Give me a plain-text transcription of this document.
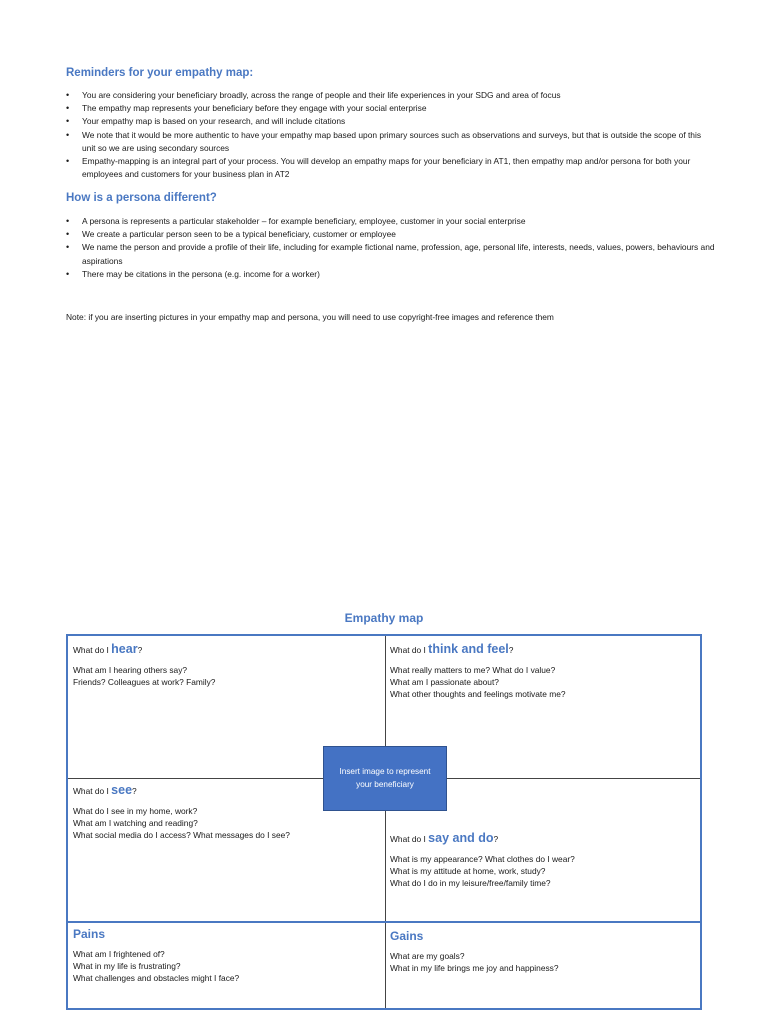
Reminders for your empathy map:
• You are considering your beneficiary broadly, across the range of people and their life experiences in your SDG and area of focus
• The empathy map represents your beneficiary before they engage with your social enterprise
• Your empathy map is based on your research, and will include citations
• We note that it would be more authentic to have your empathy map based upon primary sources such as observations and surveys, but that is outside the scope of this unit so we are using secondary sources
• Empathy-mapping is an integral part of your process. You will develop an empathy maps for your beneficiary in AT1, then empathy map and/or persona for both your employees and customers for your business plan in AT2
How is a persona different?
• A persona is represents a particular stakeholder – for example beneficiary, employee, customer in your social enterprise
• We create a particular person seen to be a typical beneficiary, customer or employee
• We name the person and provide a profile of their life, including for example fictional name, profession, age, personal life, interests, needs, values, powers, behaviours and aspirations
• There may be citations in the persona (e.g. income for a worker)
Note: if you are inserting pictures in your empathy map and persona, you will need to use copyright-free images and reference them
Empathy map
What do I hear?
What am I hearing others say?
Friends? Colleagues at work? Family?
What do I think and feel?
What really matters to me? What do I value?
What am I passionate about?
What other thoughts and feelings motivate me?
What do I see?
What do I see in my home, work?
What am I watching and reading?
What social media do I access? What messages do I see?	What do I say and do?
What is my appearance? What clothes do I wear?
What is my attitude at home, work, study?
What do I do in my leisure/free/family time?
Pains
What am I frightened of?
What in my life is frustrating?
What challenges and obstacles might I face?
Gains
What are my goals?
What in my life brings me joy and happiness?
Insert image to represent your beneficiary
